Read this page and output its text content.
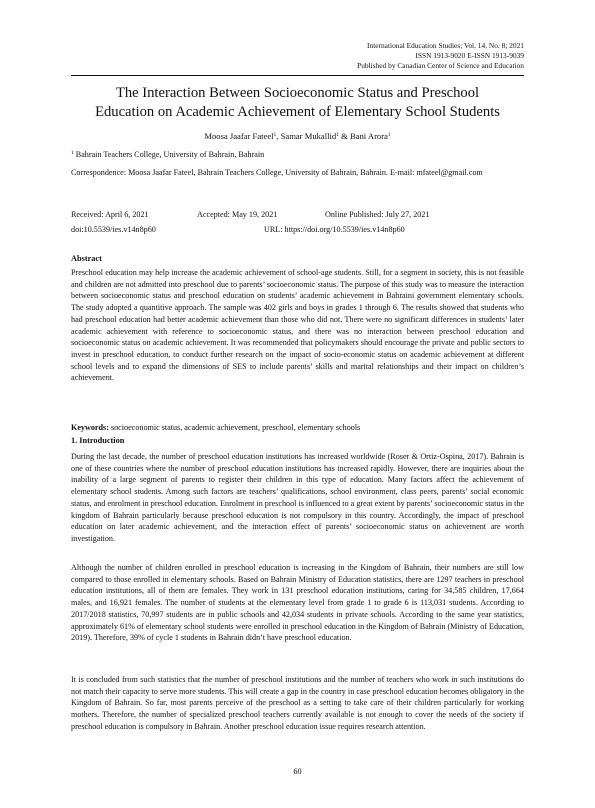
International Education Studies; Vol. 14, No. 8; 2021
ISSN 1913-9020 E-ISSN 1913-9039
Published by Canadian Center of Science and Education
The Interaction Between Socioeconomic Status and Preschool
Education on Academic Achievement of Elementary School Students
Moosa Jaafar Fateel$^1$, Samar Mukallid$^1$ & Bani Arora$^1$
$^1$ Bahrain Teachers College, University of Bahrain, Bahrain
Correspondence: Moosa Jaafar Fateel, Bahrain Teachers College, University of Bahrain, Bahrain. E-mail: mfateel@gmail.com
Received: April 6, 2021	Accepted: May 19, 2021	Online Published: July 27, 2021
doi:10.5539/ies.v14n8p60	URL: https://doi.org/10.5539/ies.v14n8p60
Abstract
Preschool education may help increase the academic achievement of school-age students. Still, for a segment in society, this is not feasible and children are not admitted into preschool due to parents’ socioeconomic status. The purpose of this study was to measure the interaction between socioeconomic status and preschool education on students’ academic achievement in Bahraini government elementary schools. The study adopted a quantitive approach. The sample was 402 girls and boys in grades 1 through 6. The results showed that students who had preschool education had better academic achievement than those who did not. There were no significant differences in students’ later academic achievement with reference to socioeconomic status, and there was no interaction between preschool education and socioeconomic status on academic achievement. It was recommended that policymakers should encourage the private and public sectors to invest in preschool education, to conduct further research on the impact of socio-economic status on academic achievement at different school levels and to expand the dimensions of SES to include parents’ skills and marital relationships and their impact on children’s achievement.
Keywords: socioeconomic status, academic achievement, preschool, elementary schools
1. Introduction
During the last decade, the number of preschool education institutions has increased worldwide (Roser & Ortiz-Ospina, 2017). Bahrain is one of these countries where the number of preschool education institutions has increased rapidly. However, there are inquiries about the inability of a large segment of parents to register their children in this type of education. Many factors affect the achievement of elementary school students. Among such factors are teachers’ qualifications, school environment, class peers, parents’ social economic status, and enrolment in preschool education. Enrolment in preschool is influenced to a great extent by parents’ socioeconomic status in the kingdom of Bahrain particularly because preschool education is not compulsory in this country. Accordingly, the impact of preschool education on later academic achievement, and the interaction effect of parents’ socioeconomic status on achievement are worth investigation.
Although the number of children enrolled in preschool education is increasing in the Kingdom of Bahrain, their numbers are still low compared to those enrolled in elementary schools. Based on Bahrain Ministry of Education statistics, there are 1297 teachers in preschool education institutions, all of them are females. They work in 131 preschool education institutions, caring for 34,585 children, 17,664 males, and 16,921 females. The number of students at the elementary level from grade 1 to grade 6 is 113,031 students. According to 2017/2018 statistics, 70,997 students are in public schools and 42,034 students in private schools. According to the same year statistics, approximately 61% of elementary school students were enrolled in preschool education in the Kingdom of Bahrain (Ministry of Education, 2019). Therefore, 39% of cycle 1 students in Bahrain didn’t have preschool education.
It is concluded from such statistics that the number of preschool institutions and the number of teachers who work in such institutions do not match their capacity to serve more students. This will create a gap in the country in case preschool education becomes obligatory in the Kingdom of Bahrain. So far, most parents perceive of the preschool as a setting to take care of their children particularly for working mothers. Therefore, the number of specialized preschool teachers currently available is not enough to cover the needs of the society if preschool education is compulsory in Bahrain. Another preschool education issue requires research attention.
60
